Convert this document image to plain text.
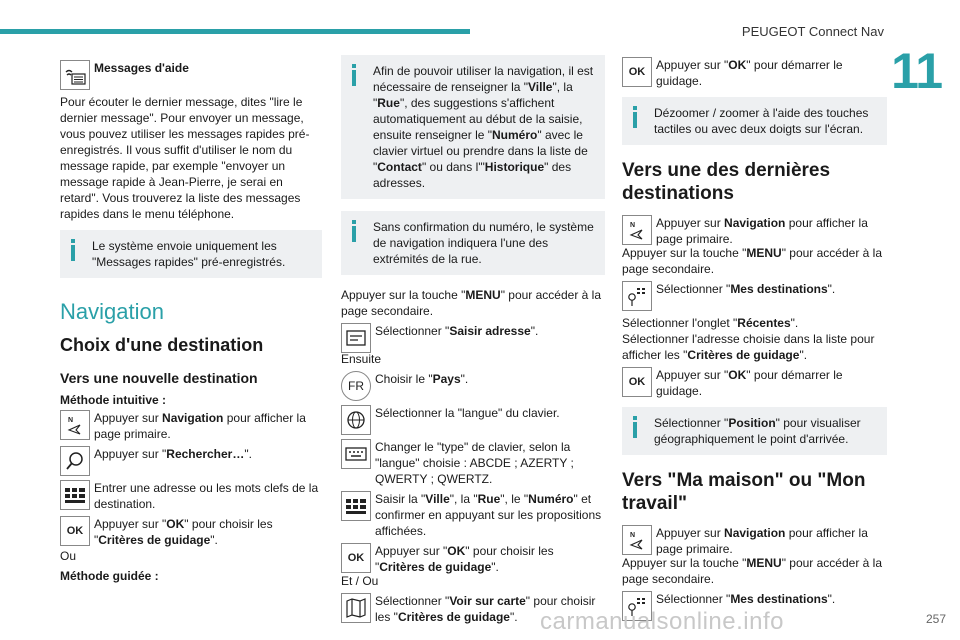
PEUGEOT Connect Nav
11
Messages d'aide

Pour écouter le dernier message, dites "lire le dernier message". Pour envoyer un message, vous pouvez utiliser les messages rapides pré-enregistrés. Il vous suffit d'utiliser le nom du message rapide, par exemple "envoyer un message rapide à Jean-Pierre, je serai en retard". Vous trouverez la liste des messages rapides dans le menu téléphone.

Le système envoie uniquement les "Messages rapides" pré-enregistrés.
Navigation
Choix d'une destination
Vers une nouvelle destination
Méthode intuitive :
N	Appuyer sur Navigation pour afficher la page primaire.
Appuyer sur "Rechercher…".
Entrer une adresse ou les mots clefs de la destination.
OK Appuyer sur "OK" pour choisir les "Critères de guidage".

Ou

Méthode guidée :
Afin de pouvoir utiliser la navigation, il est nécessaire de renseigner la "Ville", la "Rue", des suggestions s'affichent automatiquement au début de la saisie, ensuite renseigner le "Numéro" avec le clavier virtuel ou prendre dans la liste de "Contact" ou dans l'"Historique" des adresses.
Sans confirmation du numéro, le système de navigation indiquera l'une des extrémités de la rue.

Appuyer sur la touche "MENU" pour accéder à la page secondaire.

Sélectionner "Saisir adresse".

Ensuite

FR Choisir le "Pays".
Sélectionner la "langue" du clavier.
Changer le "type" de clavier, selon la "langue" choisie : ABCDE ; AZERTY ; QWERTY ; QWERTZ.
Saisir la "Ville", la "Rue", le "Numéro" et confirmer en appuyant sur les propositions affichées.
OK Appuyer sur "OK" pour choisir les "Critères de guidage".

Et / Ou

Sélectionner "Voir sur carte" pour choisir les "Critères de guidage".
OK Appuyer sur "OK" pour démarrer le guidage.
Dézoomer / zoomer à l'aide des touches tactiles ou avec deux doigts sur l'écran.
Vers une des dernières destinations
N	Appuyer sur Navigation pour afficher la page primaire.

Appuyer sur la touche "MENU" pour accéder à la page secondaire.

Sélectionner "Mes destinations".

Sélectionner l'onglet "Récentes".

Sélectionner l'adresse choisie dans la liste pour afficher les "Critères de guidage".

OK Appuyer sur "OK" pour démarrer le guidage.
Sélectionner "Position" pour visualiser géographiquement le point d'arrivée.
Vers "Ma maison" ou "Mon travail"
N	Appuyer sur Navigation pour afficher la page primaire.

Appuyer sur la touche "MENU" pour accéder à la page secondaire.

Sélectionner "Mes destinations".
carmanualsonline.info	257
